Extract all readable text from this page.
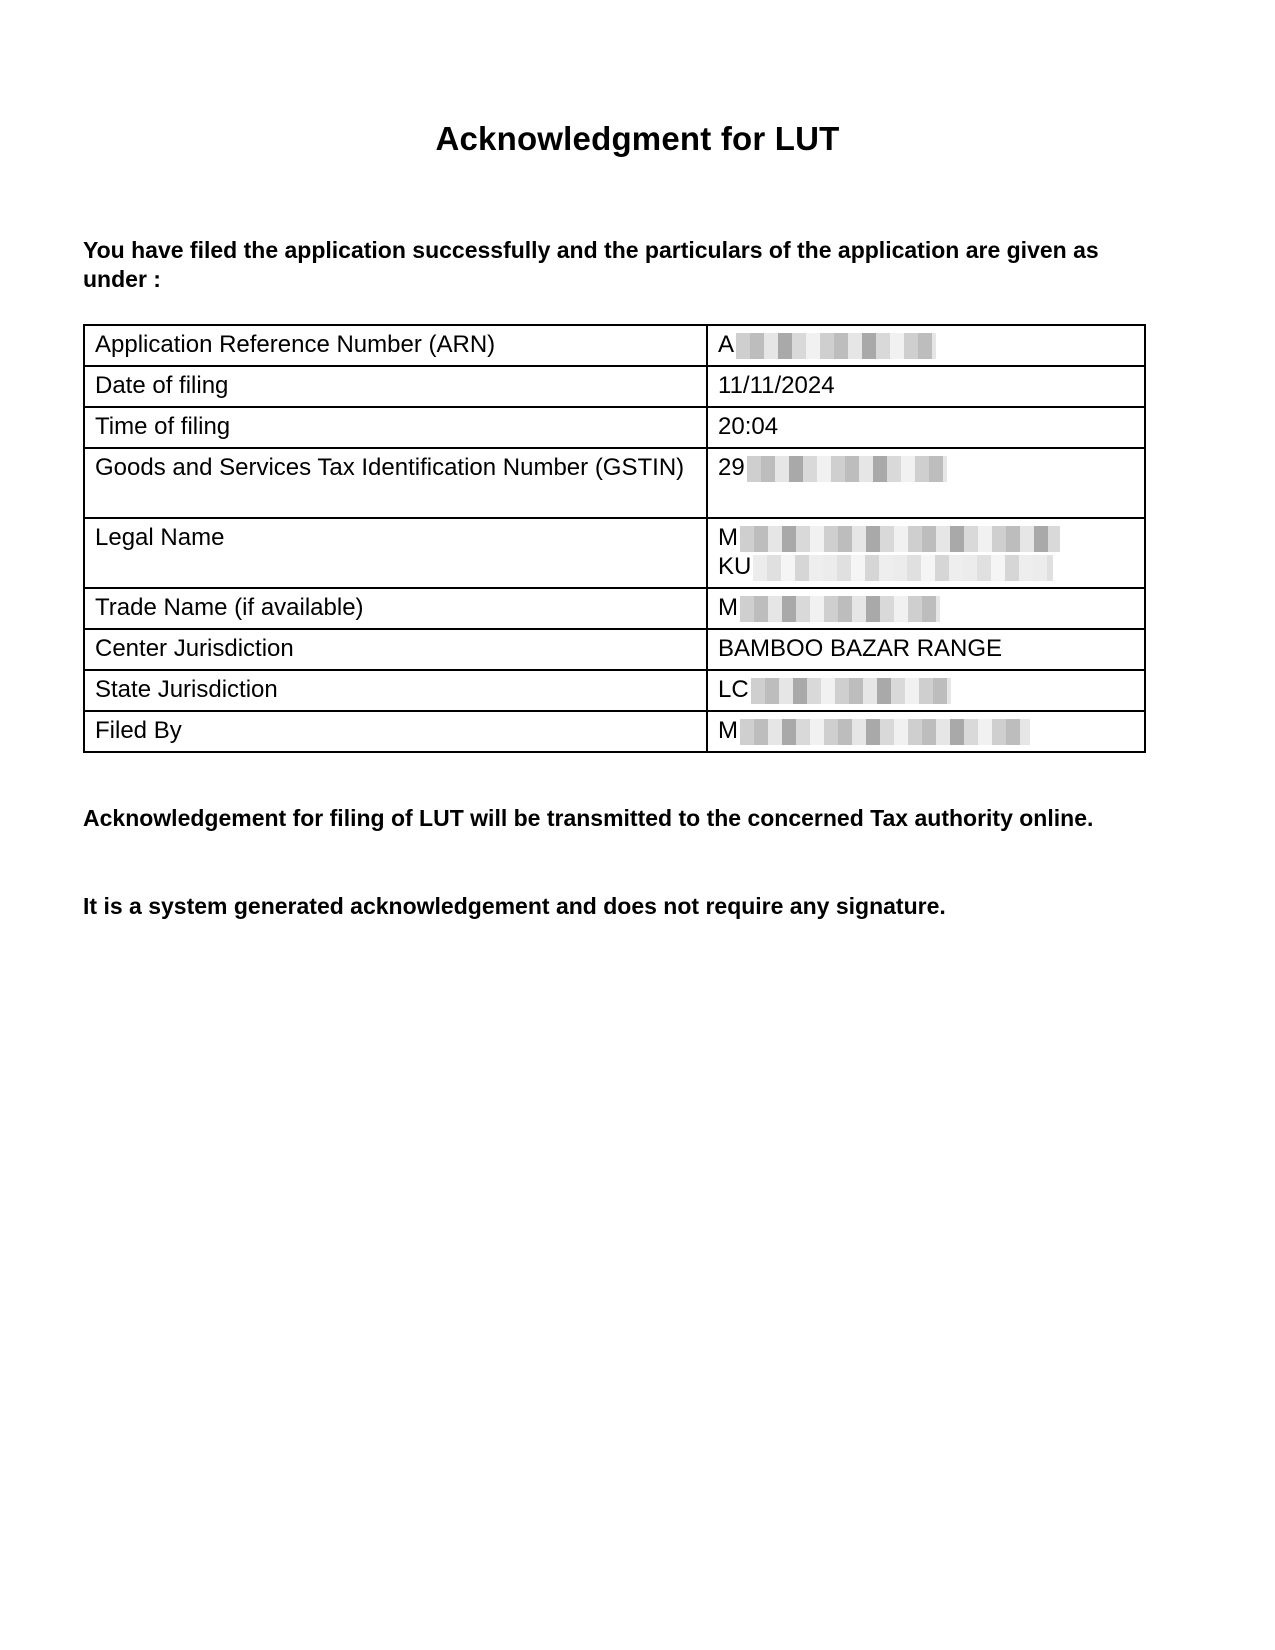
Acknowledgment for LUT
You have filed the application successfully and the particulars of the application are given as under :
Application Reference Number (ARN)	A

Date of filing	11/11/2024

Time of filing	20:04

Goods and Services Tax Identification Number (GSTIN)	29

Legal Name	M
KU

Trade Name (if available)	M

Center Jurisdiction	BAMBOO BAZAR RANGE

State Jurisdiction	LC

Filed By	M
Acknowledgement for filing of LUT will be transmitted to the concerned Tax authority online.
It is a system generated acknowledgement and does not require any signature.
